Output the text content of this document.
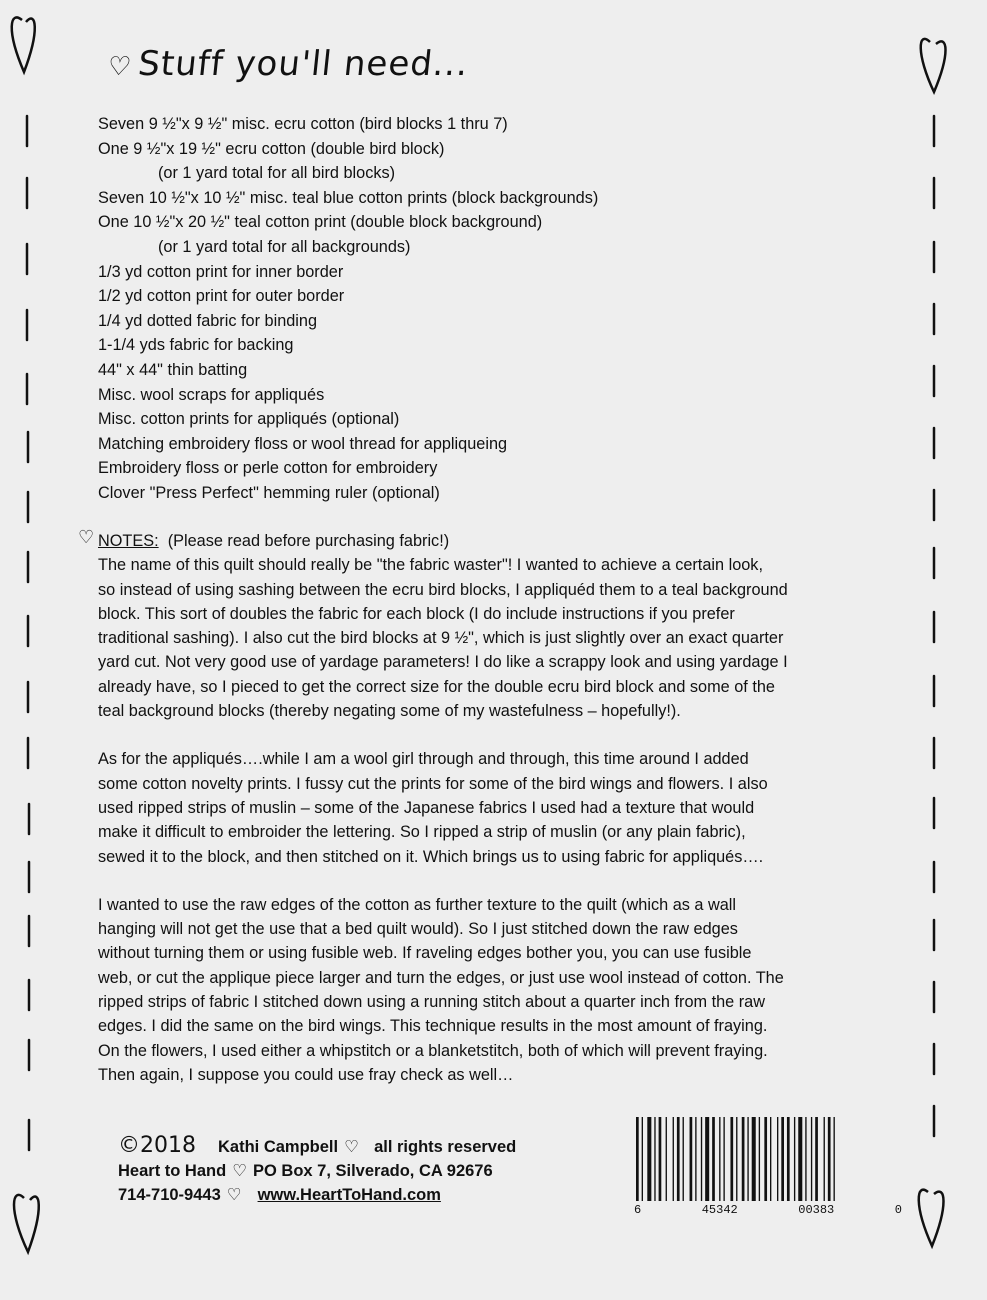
♡Stuff you'll need...
Seven 9 ½"x 9 ½" misc. ecru cotton (bird blocks 1 thru 7)
One 9 ½"x 19 ½" ecru cotton (double bird block)
(or 1 yard total for all bird blocks)
Seven 10 ½"x 10 ½" misc. teal blue cotton prints (block backgrounds)
One 10 ½"x 20 ½" teal cotton print (double block background)
(or 1 yard total for all backgrounds)
1/3 yd cotton print for inner border
1/2 yd cotton print for outer border
1/4 yd dotted fabric for binding
1-1/4 yds fabric for backing
44" x 44" thin batting
Misc. wool scraps for appliqués
Misc. cotton prints for appliqués (optional)
Matching embroidery floss or wool thread for appliqueing
Embroidery floss or perle cotton for embroidery
Clover "Press Perfect" hemming ruler (optional)
♡ NOTES: (Please read before purchasing fabric!)

The name of this quilt should really be "the fabric waster"! I wanted to achieve a certain look,

so instead of using sashing between the ecru bird blocks, I appliquéd them to a teal background

block. This sort of doubles the fabric for each block (I do include instructions if you prefer

traditional sashing). I also cut the bird blocks at 9 ½", which is just slightly over an exact quarter

yard cut. Not very good use of yardage parameters! I do like a scrappy look and using yardage I

already have, so I pieced to get the correct size for the double ecru bird block and some of the

teal background blocks (thereby negating some of my wastefulness – hopefully!).

As for the appliqués….while I am a wool girl through and through, this time around I added

some cotton novelty prints. I fussy cut the prints for some of the bird wings and flowers. I also

used ripped strips of muslin – some of the Japanese fabrics I used had a texture that would

make it difficult to embroider the lettering. So I ripped a strip of muslin (or any plain fabric),

sewed it to the block, and then stitched on it. Which brings us to using fabric for appliqués….

I wanted to use the raw edges of the cotton as further texture to the quilt (which as a wall

hanging will not get the use that a bed quilt would). So I just stitched down the raw edges

without turning them or using fusible web. If raveling edges bother you, you can use fusible

web, or cut the applique piece larger and turn the edges, or just use wool instead of cotton. The

ripped strips of fabric I stitched down using a running stitch about a quarter inch from the raw

edges. I did the same on the bird wings. This technique results in the most amount of fraying.

On the flowers, I used either a whipstitch or a blanketstitch, both of which will prevent fraying.

Then again, I suppose you could use fray check as well…

©2018 Kathi Campbell ♡ all rights reserved
Heart to Hand ♡ PO Box 7, Silverado, CA 92676
714-710-9443 ♡ www.HeartToHand.com
6	45342	00383	0
